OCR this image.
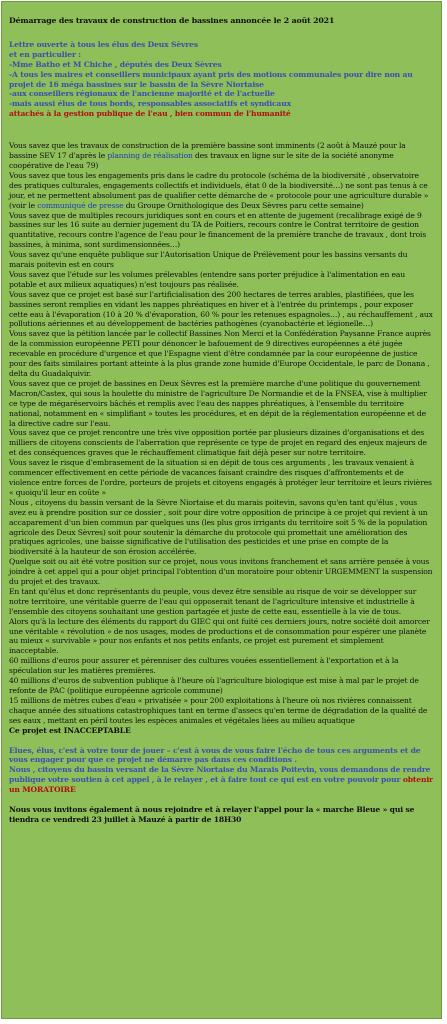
Démarrage des travaux de construction de bassines annoncée le 2 août 2021

Lettre ouverte à tous les élus des Deux Sèvres

et en particulier :

-Mme Batho et M Chiche , députés des Deux Sèvres

-A tous les maires et conseillers municipaux ayant pris des motions communales pour dire non au projet de 16 méga bassines sur le bassin de la Sèvre Niortaise

-aux conseillers régionaux de l'ancienne majorité et de l'actuelle

-mais aussi élus de tous bords, responsables associatifs et syndicaux

attachés à la gestion publique de l'eau , bien commun de l'humanité

Vous savez que les travaux de construction de la première bassine sont imminents (2 août à Mauzé pour la bassine SEV 17 d'après le planning de réalisation des travaux en ligne sur le site de la société anonyme coopérative de l'eau 79)

Vous savez que tous les engagements pris dans le cadre du protocole (schéma de la biodiversité , observatoire des pratiques culturales, engagements collectifs et individuels, état 0 de la biodiversité…) ne sont pas tenus à ce jour, et ne permettent absolument pas de qualifier cette démarche de « protocole pour une agriculture durable » (voir le communiqué de presse du Groupe Ornithologique des Deux Sèvres paru cette semaine)

Vous savez que de multiples recours juridiques sont en cours et en attente de jugement (recalibrage exigé de 9 bassines sur les 16 suite au dernier jugement du TA de Poitiers, recours contre le Contrat territoire de gestion quantitative, recours contre l'agence de l'eau pour le financement de la première tranche de travaux , dont trois bassines, à minima, sont surdimensionnées…)

Vous savez qu'une enquête publique sur l'Autorisation Unique de Prélèvement pour les bassins versants du marais poitevin est en cours

Vous savez que l'étude sur les volumes prélevables (entendre sans porter préjudice à l'alimentation en eau potable et aux milieux aquatiques) n'est toujours pas réalisée.

Vous savez que ce projet est basé sur l'artificialisation des 200 hectares de terres arables, plastifiées, que les bassines seront remplies en vidant les nappes phréatiques en hiver et à l'entrée du printemps , pour exposer cette eau à l'évaporation (10 à 20 % d'évaporation, 60 % pour les retenues espagnoles…) , au réchauffement , aux pollutions aériennes et au développement de bactéries pathogènes (cyanobactérie et légionelle…)

Vous savez que la pétition lancée par le collectif Bassines Non Merci et la Confédération Paysanne France auprès de la commission européenne PETI pour dénoncer le bafouement de 9 directives européennes a été jugée recevable en procédure d'urgence et que l'Espagne vient d'être condamnée par la cour européenne de justice pour des faits similaires portant atteinte à la plus grande zone humide d'Europe Occidentale, le parc de Donana , delta du Guadalquivir.

Vous savez que ce projet de bassines en Deux Sèvres est la première marche d'une politique du gouvernement Macron/Castex, qui sous la houlette du ministre de l'agriculture De Normandie et de la FNSEA, vise à multiplier ce type de mégaréservoirs bâchés et remplis avec l'eau des nappes phréatiques, à l'ensemble du territoire national, notamment en « simplifiant » toutes les procédures, et en dépit de la réglementation européenne et de la directive cadre sur l'eau.

Vous savez que ce projet rencontre une très vive opposition portée par plusieurs dizaines d'organisations et des milliers de citoyens conscients de l'aberration que représente ce type de projet en regard des enjeux majeurs de et des conséquences graves que le réchauffement climatique fait déjà peser sur notre territoire.

Vous savez le risque d'embrasement de la situation si en dépit de tous ces arguments , les travaux venaient à commencer effectivement en cette période de vacances faisant craindre des risques d'affrontements et de violence entre forces de l'ordre, porteurs de projets et citoyens engagés à protéger leur territoire et leurs rivières « quoiqu'il leur en coûte »

Nous , citoyens du bassin versant de la Sèvre Niortaise et du marais poitevin, savons qu'en tant qu'élus , vous avez eu à prendre position sur ce dossier , soit pour dire votre opposition de principe à ce projet qui revient à un accaparement d'un bien commun par quelques uns (les plus gros irrigants du territoire soit 5 % de la population agricole des Deux Sèvres) soit pour soutenir la démarche du protocole qui promettait une amélioration des pratiques agricoles, une baisse significative de l'utilisation des pesticides et une prise en compte de la biodiversité à la hauteur de son érosion accélérée.

Quelque soit ou ait été votre position sur ce projet, nous vous invitons franchement et sans arrière pensée à vous joindre à cet appel qui a pour objet principal l'obtention d'un moratoire pour obtenir URGEMMENT la suspension du projet et des travaux.

En tant qu'élus et donc représentants du peuple, vous devez être sensible au risque de voir se développer sur notre territoire, une véritable guerre de l'eau qui opposerait tenant de l'agriculture intensive et industrielle à l'ensemble des citoyens souhaitant une gestion partagée et juste de cette eau, essentielle à la vie de tous.

Alors qu'à la lecture des éléments du rapport du GIEC qui ont fuité ces derniers jours, notre société doit amorcer une véritable « révolution » de nos usages, modes de productions et de consommation pour espérer une planète au mieux « survivable » pour nos enfants et nos petits enfants, ce projet est purement et simplement inacceptable.

60 millions d'euros pour assurer et pérenniser des cultures vouées essentiellement à l'exportation et à la spéculation sur les matières premières.

40 millions d'euros de subvention publique à l'heure où l'agriculture biologique est mise à mal par le projet de refonte de PAC (politique européenne agricole commune)

15 millions de mètres cubes d'eau « privatisée » pour 200 exploitations à l'heure où nos rivières connaissent chaque année des situations catastrophiques tant en terme d'assecs qu'en terme de dégradation de la qualité de ses eaux , mettant en péril toutes les espèces animales et végétales liées au milieu aquatique

Ce projet est INACCEPTABLE

Elues, élus, c'est à votre tour de jouer – c'est à vous de vous faire l'écho de tous ces arguments et de vous engager pour que ce projet ne démarre pas dans ces conditions .

Nous , citoyens du bassin versant de la Sèvre Niortaise du Marais Poitevin, vous demandons de rendre publique votre soutien à cet appel , à le relayer , et à faire tout ce qui est en votre pouvoir pour obtenir un MORATOIRE

Nous vous invitons également à nous rejoindre et à relayer l'appel pour la « marche Bleue » qui se tiendra ce vendredi 23 juillet à Mauzé à partir de 18H30
